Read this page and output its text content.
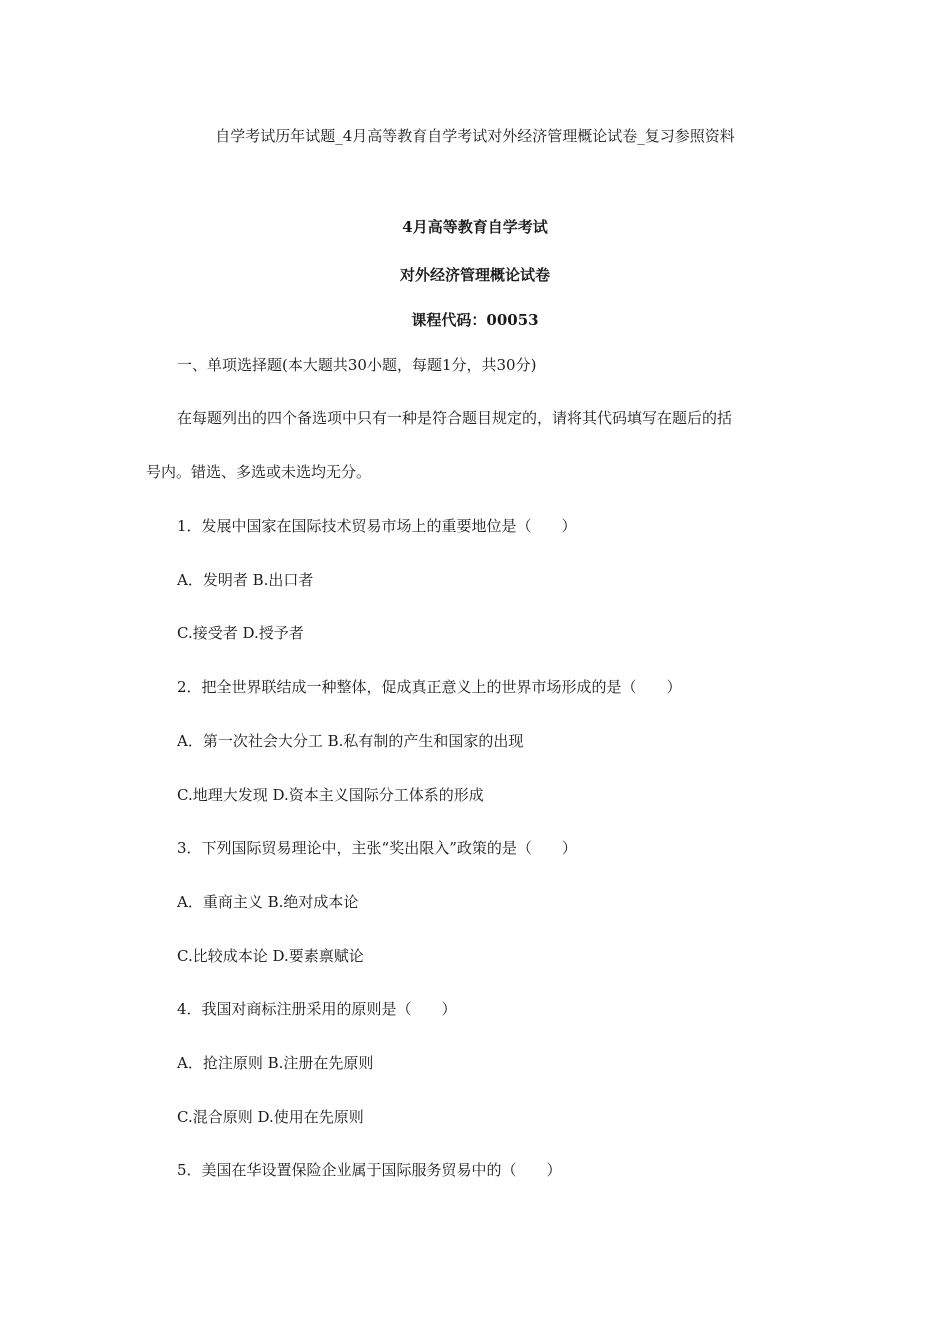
自学考试历年试题_4月高等教育自学考试对外经济管理概论试卷_复习参照资料
4月高等教育自学考试
对外经济管理概论试卷
课程代码：00053
一、单项选择题(本大题共30小题，每题1分，共30分)
在每题列出的四个备选项中只有一种是符合题目规定的，请将其代码填写在题后的括
号内。错选、多选或未选均无分。
1．发展中国家在国际技术贸易市场上的重要地位是（　　）
A．发明者 B.出口者
C.接受者 D.授予者
2．把全世界联结成一种整体，促成真正意义上的世界市场形成的是（　　）
A．第一次社会大分工 B.私有制的产生和国家的出现
C.地理大发现 D.资本主义国际分工体系的形成
3．下列国际贸易理论中，主张“奖出限入”政策的是（　　）
A．重商主义 B.绝对成本论
C.比较成本论 D.要素禀赋论
4．我国对商标注册采用的原则是（　　）
A．抢注原则 B.注册在先原则
C.混合原则 D.使用在先原则
5．美国在华设置保险企业属于国际服务贸易中的（　　）
